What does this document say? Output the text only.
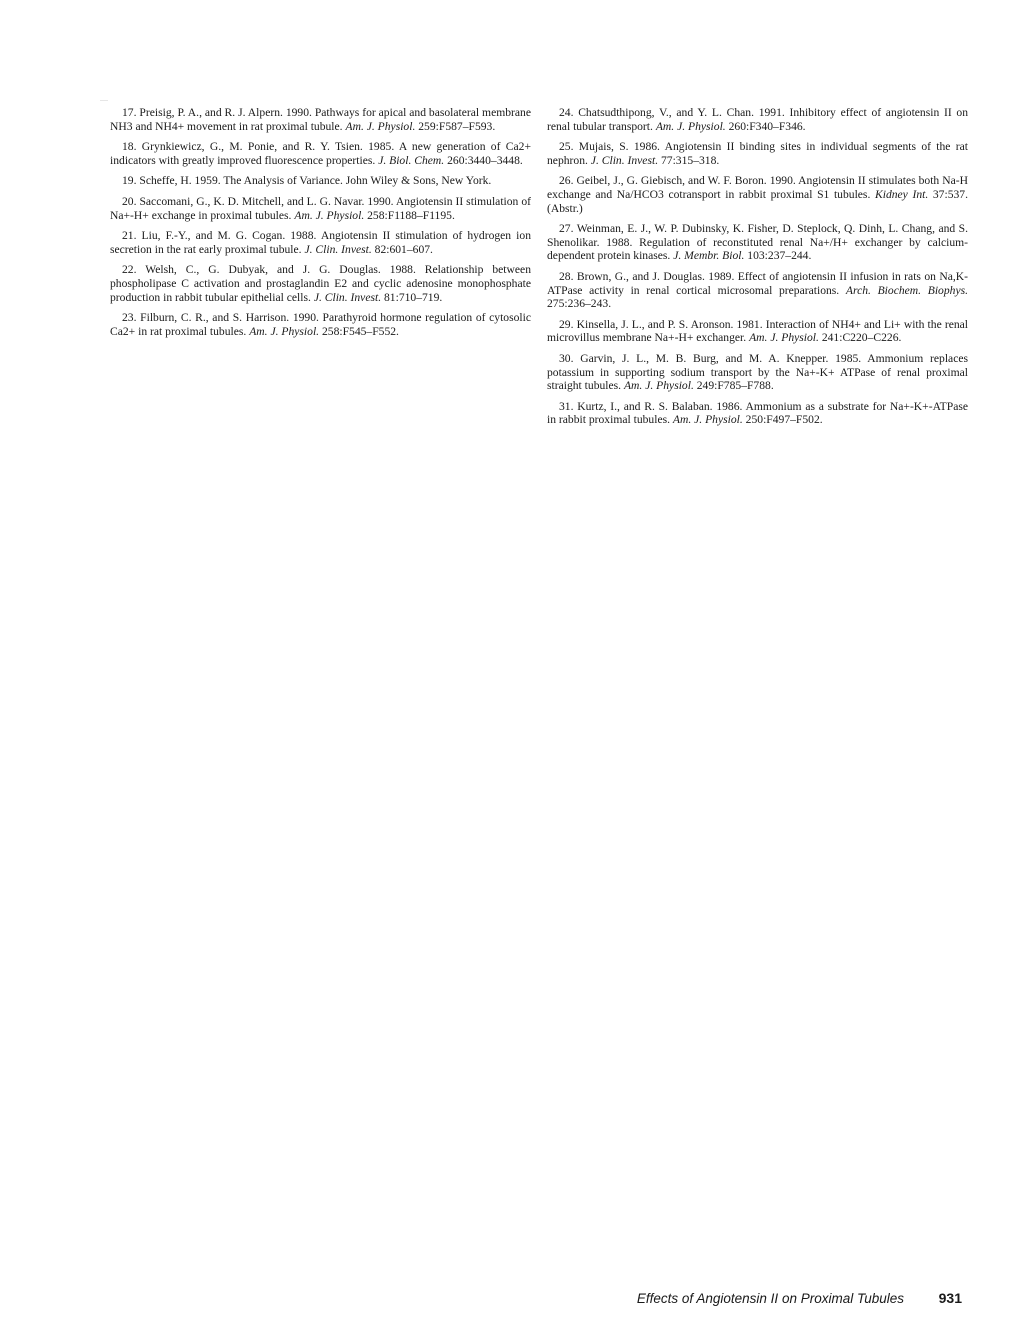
17. Preisig, P. A., and R. J. Alpern. 1990. Pathways for apical and basolateral membrane NH3 and NH4+ movement in rat proximal tubule. Am. J. Physiol. 259:F587–F593.

18. Grynkiewicz, G., M. Ponie, and R. Y. Tsien. 1985. A new generation of Ca2+ indicators with greatly improved fluorescence properties. J. Biol. Chem. 260:3440–3448.

19. Scheffe, H. 1959. The Analysis of Variance. John Wiley & Sons, New York.

20. Saccomani, G., K. D. Mitchell, and L. G. Navar. 1990. Angiotensin II stimulation of Na+-H+ exchange in proximal tubules. Am. J. Physiol. 258:F1188–F1195.

21. Liu, F.-Y., and M. G. Cogan. 1988. Angiotensin II stimulation of hydrogen ion secretion in the rat early proximal tubule. J. Clin. Invest. 82:601–607.

22. Welsh, C., G. Dubyak, and J. G. Douglas. 1988. Relationship between phospholipase C activation and prostaglandin E2 and cyclic adenosine monophosphate production in rabbit tubular epithelial cells. J. Clin. Invest. 81:710–719.

23. Filburn, C. R., and S. Harrison. 1990. Parathyroid hormone regulation of cytosolic Ca2+ in rat proximal tubules. Am. J. Physiol. 258:F545–F552.

24. Chatsudthipong, V., and Y. L. Chan. 1991. Inhibitory effect of angiotensin II on renal tubular transport. Am. J. Physiol. 260:F340–F346.

25. Mujais, S. 1986. Angiotensin II binding sites in individual segments of the rat nephron. J. Clin. Invest. 77:315–318.

26. Geibel, J., G. Giebisch, and W. F. Boron. 1990. Angiotensin II stimulates both Na-H exchange and Na/HCO3 cotransport in rabbit proximal S1 tubules. Kidney Int. 37:537. (Abstr.)

27. Weinman, E. J., W. P. Dubinsky, K. Fisher, D. Steplock, Q. Dinh, L. Chang, and S. Shenolikar. 1988. Regulation of reconstituted renal Na+/H+ exchanger by calcium-dependent protein kinases. J. Membr. Biol. 103:237–244.

28. Brown, G., and J. Douglas. 1989. Effect of angiotensin II infusion in rats on Na,K-ATPase activity in renal cortical microsomal preparations. Arch. Biochem. Biophys. 275:236–243.

29. Kinsella, J. L., and P. S. Aronson. 1981. Interaction of NH4+ and Li+ with the renal microvillus membrane Na+-H+ exchanger. Am. J. Physiol. 241:C220–C226.

30. Garvin, J. L., M. B. Burg, and M. A. Knepper. 1985. Ammonium replaces potassium in supporting sodium transport by the Na+-K+ ATPase of renal proximal straight tubules. Am. J. Physiol. 249:F785–F788.

31. Kurtz, I., and R. S. Balaban. 1986. Ammonium as a substrate for Na+-K+-ATPase in rabbit proximal tubules. Am. J. Physiol. 250:F497–F502.

Effects of Angiotensin II on Proximal Tubules 931
